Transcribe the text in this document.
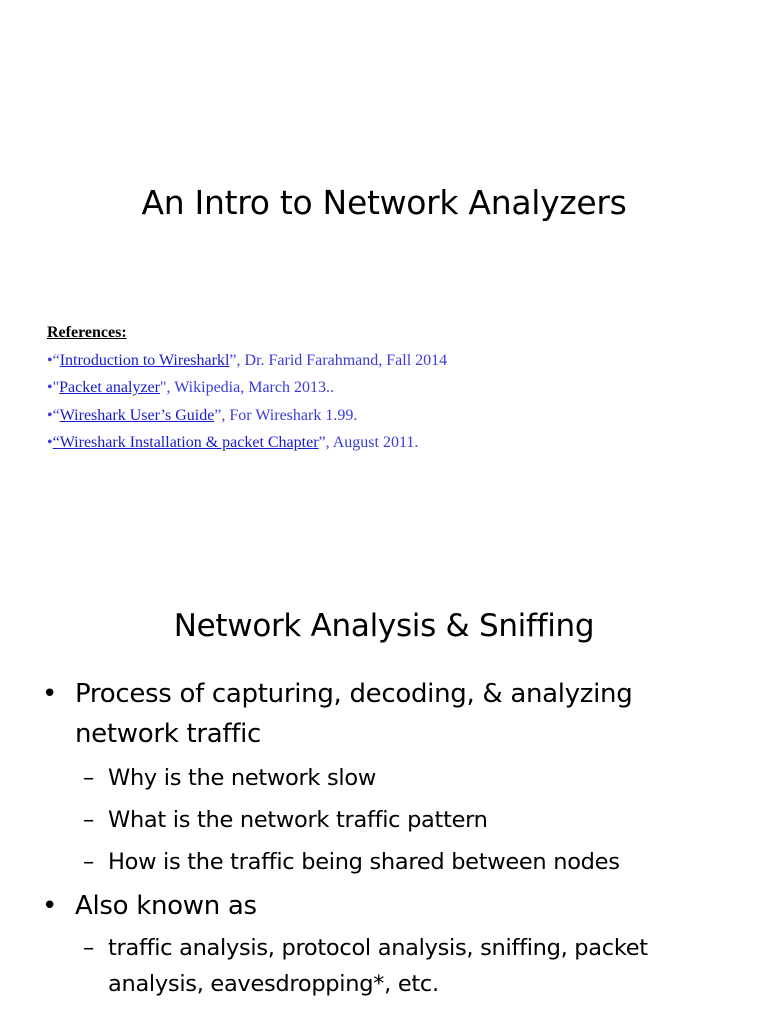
An Intro to Network Analyzers
References:
•“Introduction to Wiresharkl”, Dr. Farid Farahmand, Fall 2014
•"Packet analyzer", Wikipedia, March 2013..
•“Wireshark User’s Guide”, For Wireshark 1.99.
•“Wireshark Installation & packet Chapter”, August 2011.
Network Analysis & Sniffing
• Process of capturing, decoding, & analyzing network traffic
– Why is the network slow
– What is the network traffic pattern
– How is the traffic being shared between nodes
• Also known as
– traffic analysis, protocol analysis, sniffing, packet analysis, eavesdropping*, etc.
